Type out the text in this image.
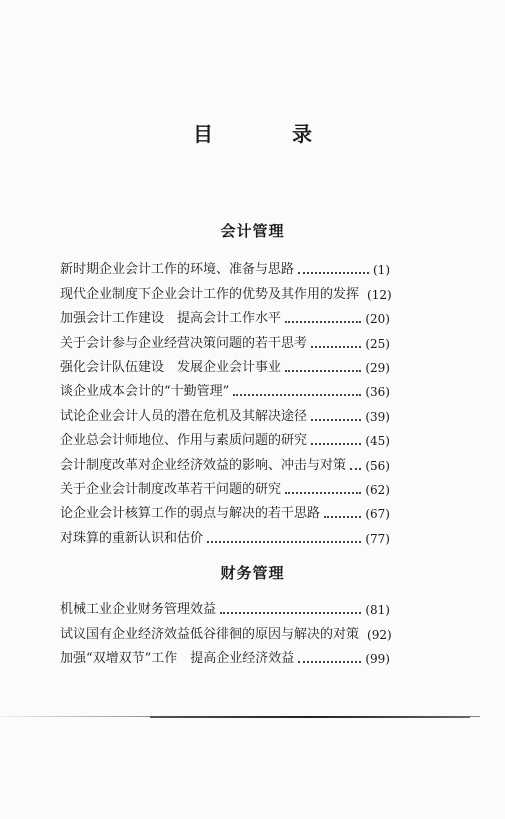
目 录
会计管理
新时期企业会计工作的环境、准备与思路	(1)
现代企业制度下企业会计工作的优势及其作用的发挥 (12)
加强会计工作建设　提高会计工作水平	(20)
关于会计参与企业经营决策问题的若干思考	(25)
强化会计队伍建设　发展企业会计事业	(29)
谈企业成本会计的“十勤管理”	(36)
试论企业会计人员的潜在危机及其解决途径	(39)
企业总会计师地位、作用与素质问题的研究	(45)
会计制度改革对企业经济效益的影响、冲击与对策 (56)
关于企业会计制度改革若干问题的研究	(62)
论企业会计核算工作的弱点与解决的若干思路	(67)
对珠算的重新认识和估价	(77)
财务管理
机械工业企业财务管理效益	(81)
试议国有企业经济效益低谷徘徊的原因与解决的对策 (92)
加强“双增双节”工作　提高企业经济效益	(99)
